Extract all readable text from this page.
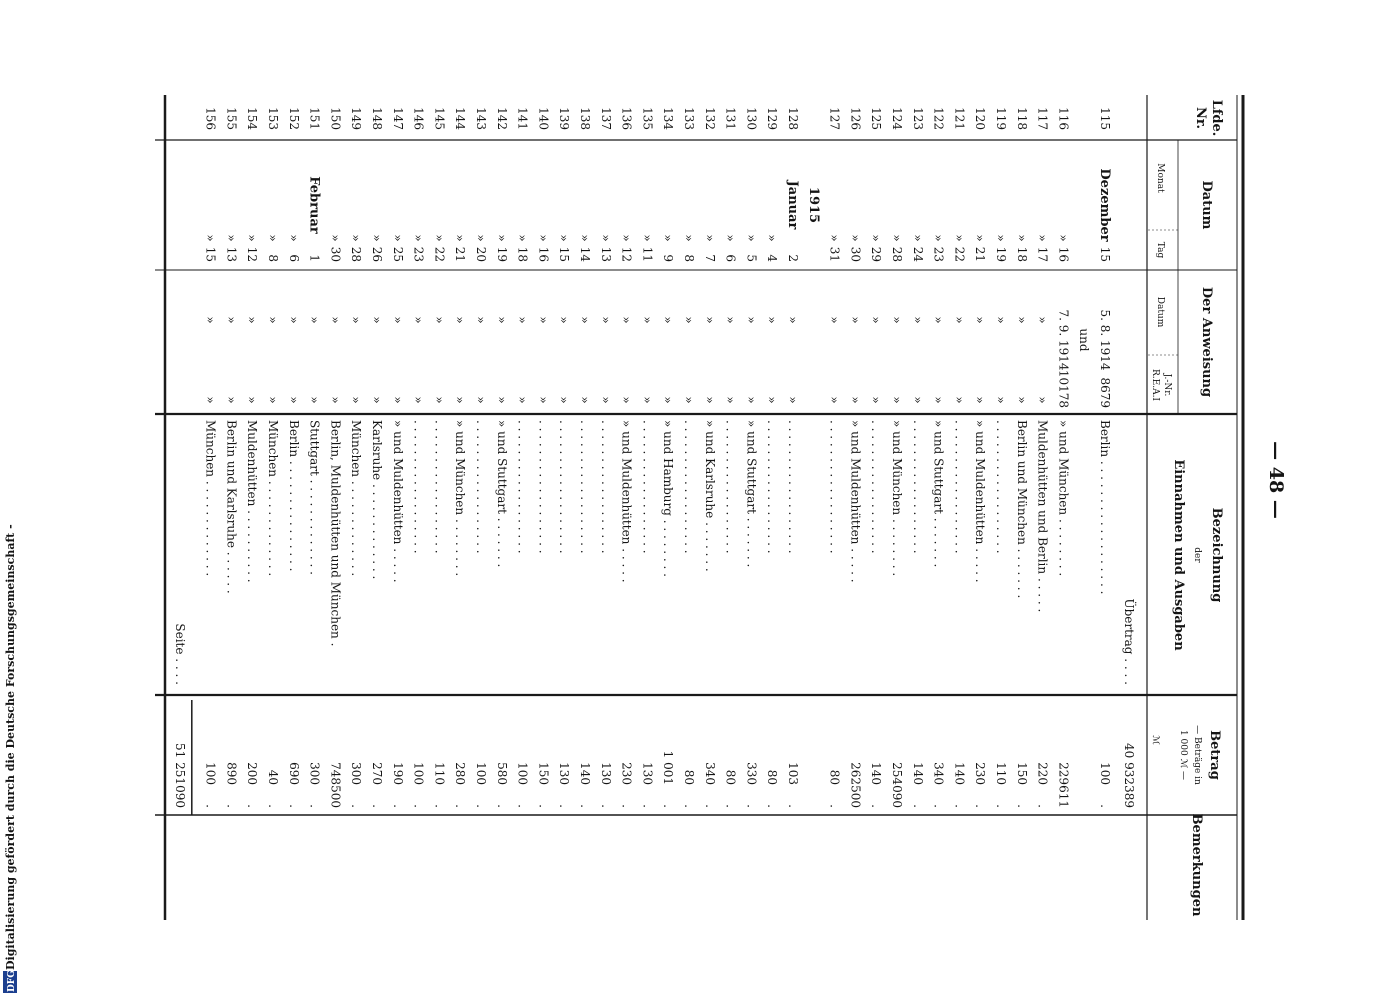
— 48 —
Lfde.
Nr.
Datum
Monat
Tag
Der Anweisung
Datum
J.-Nr.
R.E.A.I
Bezeichnung
der
Einnahmen und Ausgaben
Betrag
— Beträge in
1 000 ℳ —
ℳ
Bemerkungen
Übertrag . . . .
40 932
389
115
Dezember
15
5. 8. 1914
8679
Berlin . . . . . . . . . . . . . . . . . .
100
.
und
116
»
16
7. 9. 1914
10178
» und München . . . . . . . .
229
611
117
»
17
»
»
Muldenhütten und Berlin . . . . .
220
.
118
»
18
»
»
Berlin und München . . . . . . .
150
.
119
»
19
»
»
. . . . . . . . . . . . . . . . . .
110
.
120
»
21
»
»
» und Muldenhütten . . . . .
230
.
121
»
22
»
»
. . . . . . . . . . . . . . . . . .
140
.
122
»
23
»
»
» und Stuttgart . . . . . . .
340
.
123
»
24
»
»
. . . . . . . . . . . . . . . . . .
140
.
124
»
28
»
»
» und München . . . . . . . .
254
090
125
»
29
»
»
. . . . . . . . . . . . . . . . . .
140
.
126
»
30
»
»
» und Muldenhütten . . . . .
262
500
127
»
31
»
»
. . . . . . . . . . . . . . . . . .
80
.
1915
128
Januar
2
»
»
. . . . . . . . . . . . . . . . . .
103
.
129
»
4
»
»
. . . . . . . . . . . . . . . . . .
80
.
130
»
5
»
»
» und Stuttgart . . . . . . .
330
.
131
»
6
»
»
. . . . . . . . . . . . . . . . . .
80
.
132
»
7
»
»
» und Karlsruhe . . . . . . .
340
.
133
»
8
»
»
. . . . . . . . . . . . . . . . . .
80
.
134
»
9
»
»
» und Hamburg . . . . . . . .
1 001
.
135
»
11
»
»
. . . . . . . . . . . . . . . . . .
130
.
136
»
12
»
»
» und Muldenhütten . . . . .
230
.
137
»
13
»
»
. . . . . . . . . . . . . . . . . .
130
.
138
»
14
»
»
. . . . . . . . . . . . . . . . . .
140
.
139
»
15
»
»
. . . . . . . . . . . . . . . . . .
130
.
140
»
16
»
»
. . . . . . . . . . . . . . . . . .
150
.
141
»
18
»
»
. . . . . . . . . . . . . . . . . .
100
.
142
»
19
»
»
» und Stuttgart . . . . . . .
580
.
143
»
20
»
»
. . . . . . . . . . . . . . . . . .
100
.
144
»
21
»
»
» und München . . . . . . . .
280
.
145
»
22
»
»
. . . . . . . . . . . . . . . . . .
110
.
146
»
23
»
»
. . . . . . . . . . . . . . . . . .
100
.
147
»
25
»
»
» und Muldenhütten . . . . .
190
.
148
»
26
»
»
Karlsruhe . . . . . . . . . . . . .
270
.
149
»
28
»
»
München . . . . . . . . . . . . .
300
.
150
»
30
»
»
Berlin, Muldenhütten und München .
748
500
151
Februar
1
»
»
Stuttgart . . . . . . . . . . . . .
300
.
152
»
6
»
»
Berlin . . . . . . . . . . . . . . .
690
.
153
»
8
»
»
München . . . . . . . . . . . . .
40
.
154
»
12
»
»
Muldenhütten . . . . . . . . . .
200
.
155
»
13
»
»
Berlin und Karlsruhe . . . . . .
890
.
156
»
15
»
»
München . . . . . . . . . . . . .
100
.
Seite . . . .
51 251
090
Digitalisierung gefördert durch die Deutsche Forschungsgemeinschaft -
DFG
